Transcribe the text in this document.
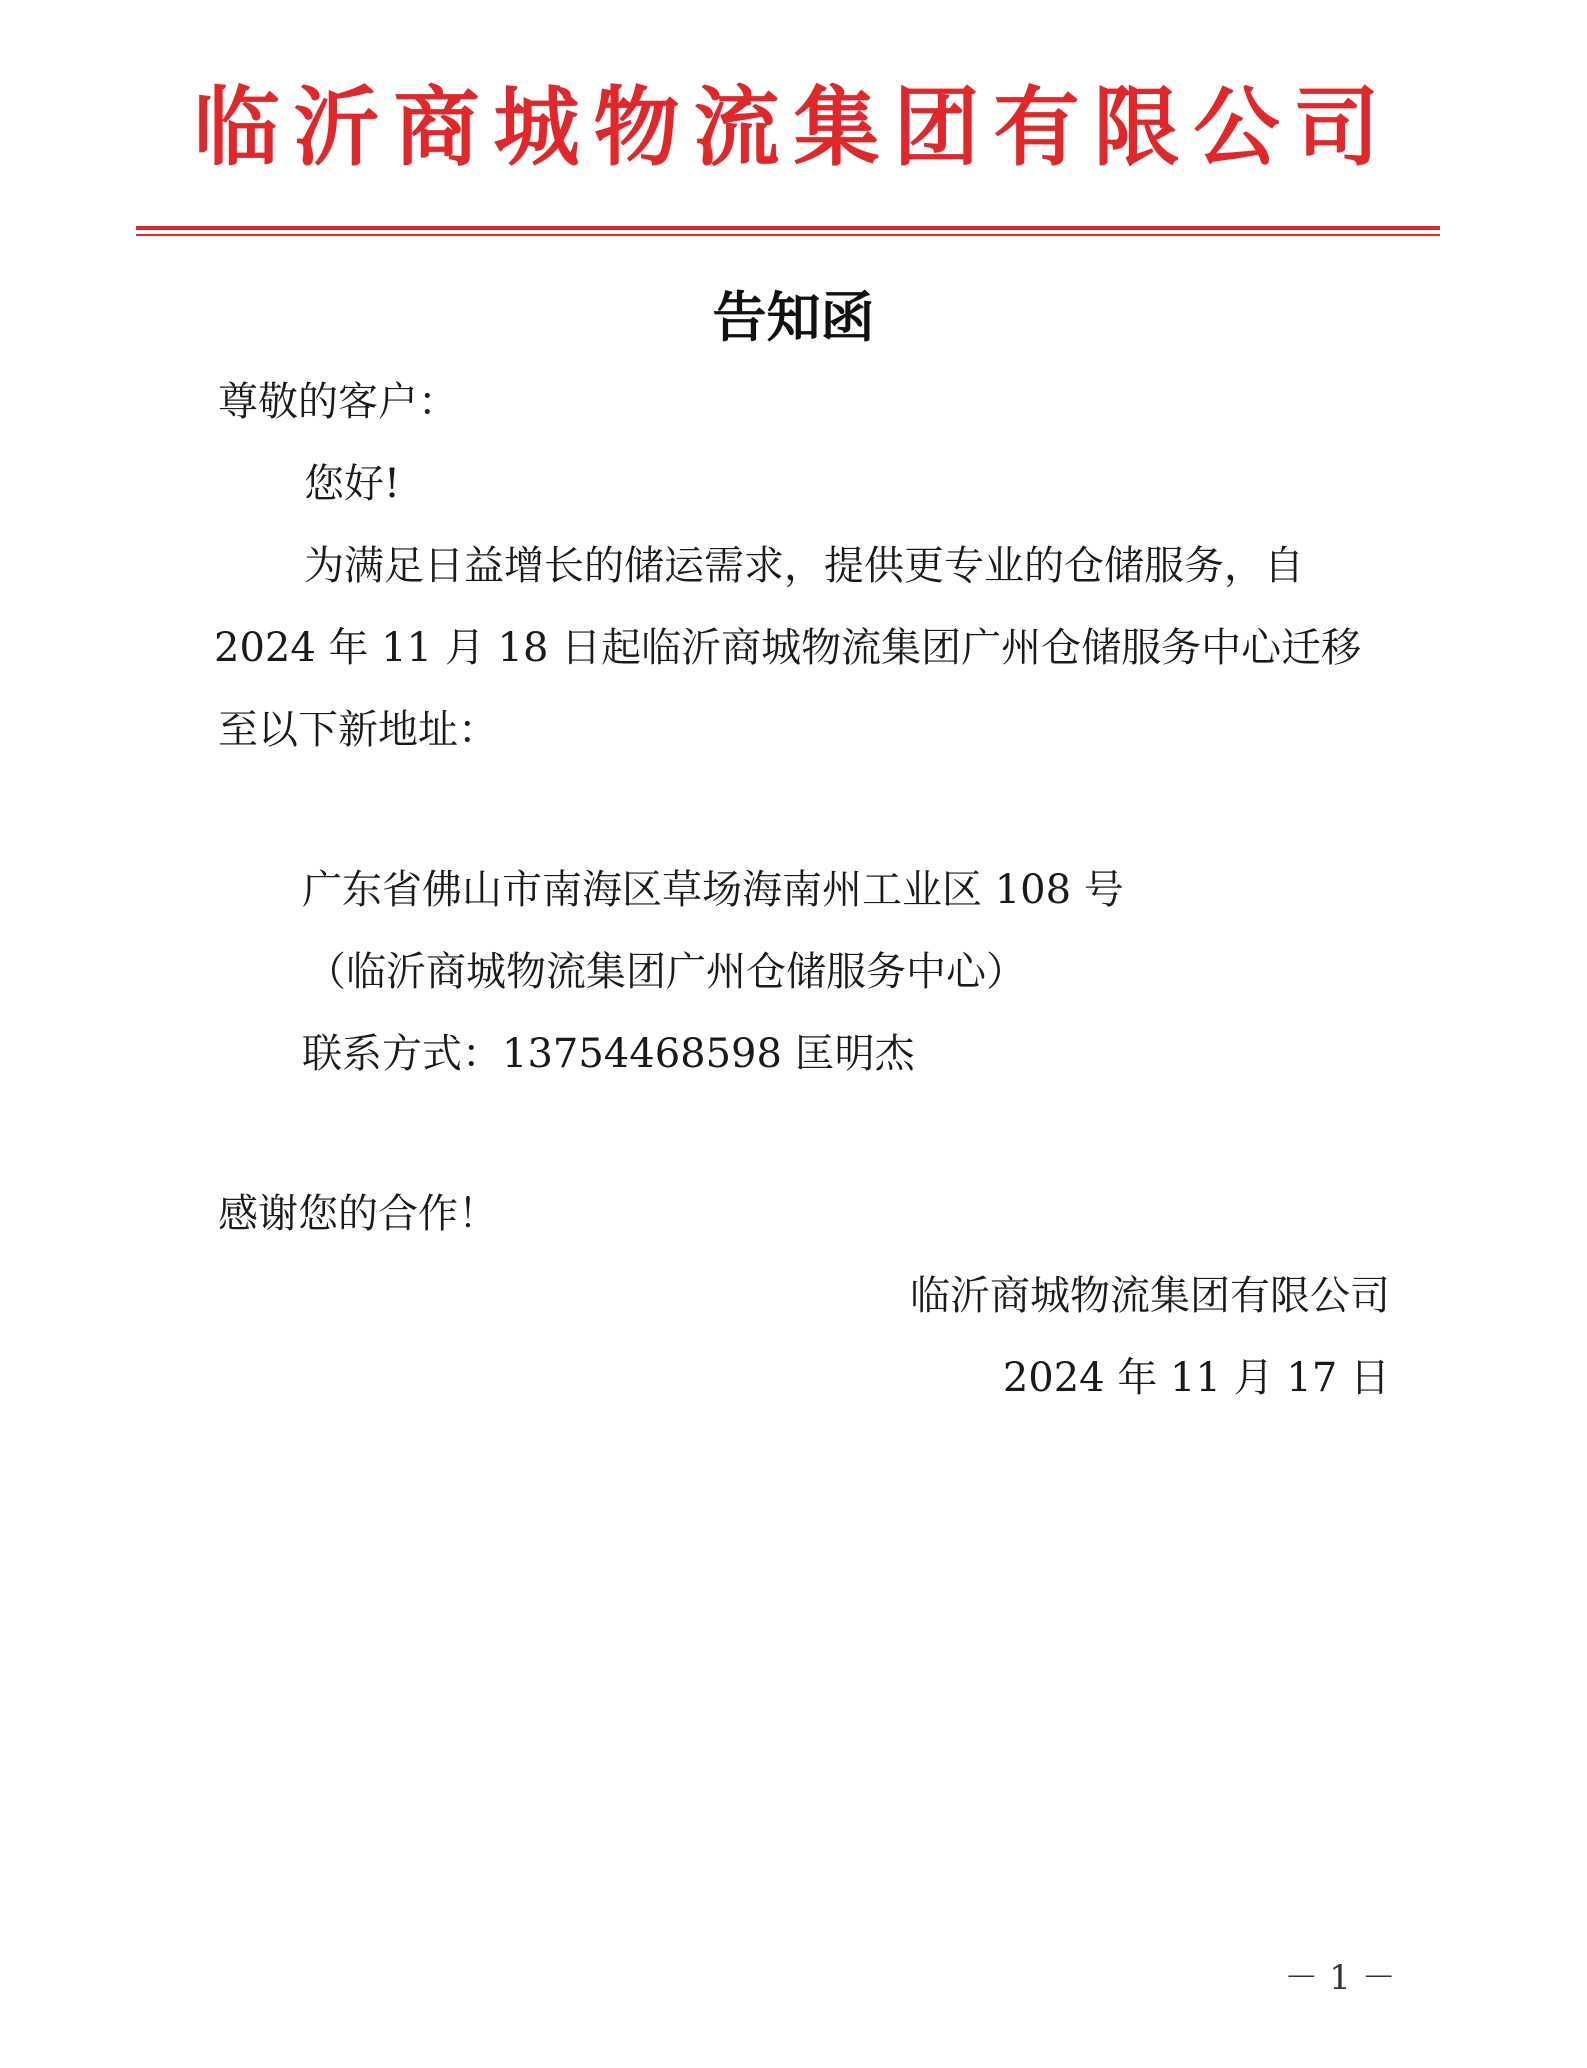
临沂商城物流集团有限公司
告知函
尊敬的客户：
您好!
为满足日益增长的储运需求，提供更专业的仓储服务，自
2024 年 11 月 18 日起临沂商城物流集团广州仓储服务中心迁移
至以下新地址：
广东省佛山市南海区草场海南州工业区 108 号
（临沂商城物流集团广州仓储服务中心）
联系方式：13754468598 匡明杰
感谢您的合作！
临沂商城物流集团有限公司
2024 年 11 月 17 日
－ 1 －
